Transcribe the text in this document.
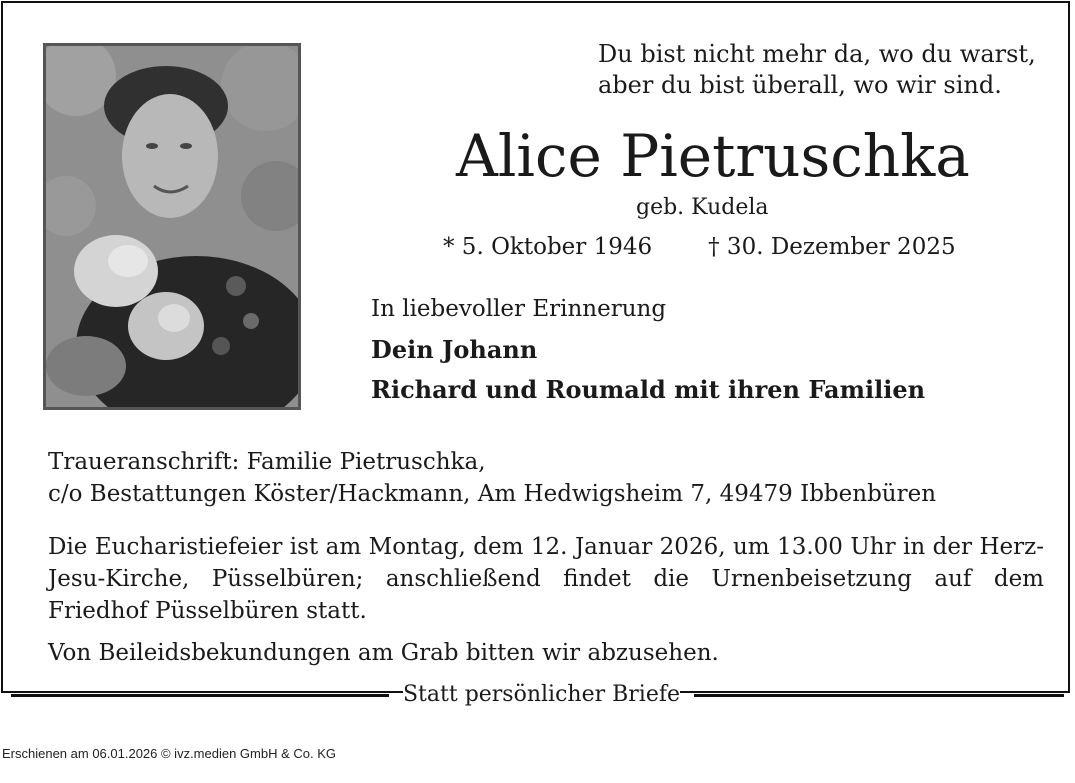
Du bist nicht mehr da, wo du warst,
aber du bist überall, wo wir sind.
Alice Pietruschka
geb. Kudela
* 5. Oktober 1946 † 30. Dezember 2025
In liebevoller Erinnerung
Dein Johann
Richard und Roumald mit ihren Familien
Traueranschrift: Familie Pietruschka,
c/o Bestattungen Köster/Hackmann, Am Hedwigsheim 7, 49479 Ibbenbüren
Die Eucharistiefeier ist am Montag, dem 12. Januar 2026, um 13.00 Uhr in der Herz-Jesu-Kirche, Püsselbüren; anschließend findet die Urnenbeisetzung auf dem Friedhof Püsselbüren statt.
Von Beileidsbekundungen am Grab bitten wir abzusehen.
Statt persönlicher Briefe
Erschienen am 06.01.2026 © ivz.medien GmbH & Co. KG
